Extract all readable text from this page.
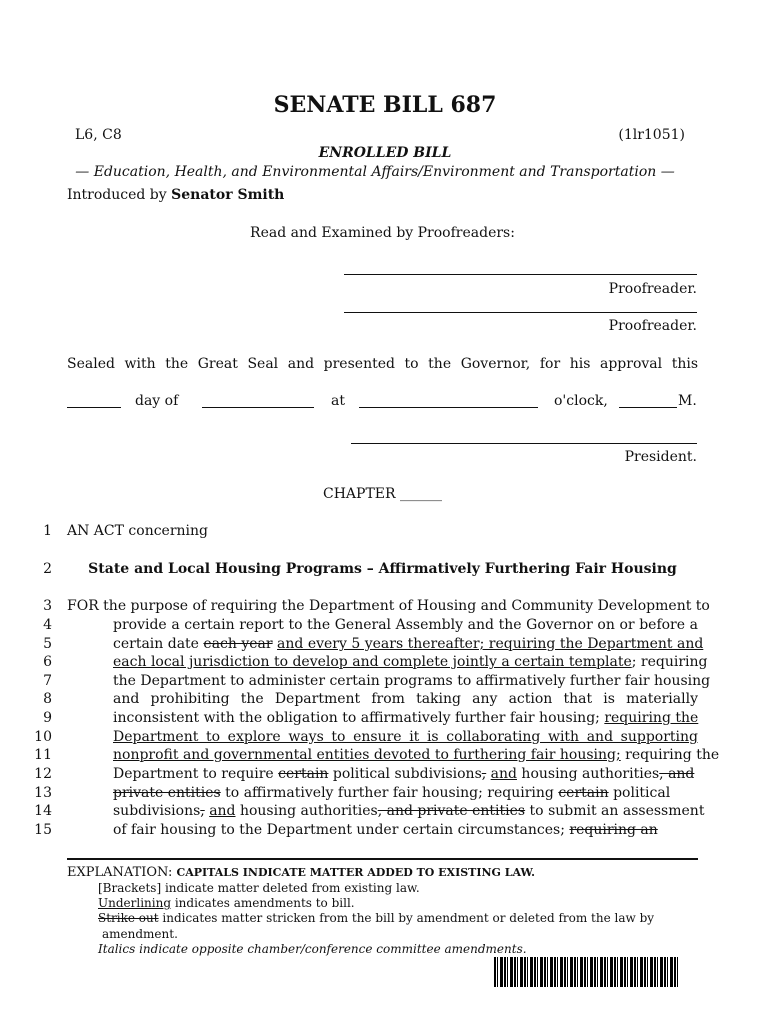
SENATE BILL 687
L6, C8	(1lr1051)
ENROLLED BILL
— Education, Health, and Environmental Affairs/Environment and Transportation —
Introduced by Senator Smith
Read and Examined by Proofreaders:
Proofreader.
Proofreader.
Sealed with the Great Seal and presented to the Governor, for his approval this
day of	at	o'clock,	M.
President.
CHAPTER ______
1
2
3
4
5
6
7
8
9
10
11
12
13
14
15
AN ACT concerning
State and Local Housing Programs – Affirmatively Furthering Fair Housing
FOR the purpose of requiring the Department of Housing and Community Development to
provide a certain report to the General Assembly and the Governor on or before a
certain date each year and every 5 years thereafter; requiring the Department and
each local jurisdiction to develop and complete jointly a certain template; requiring
the Department to administer certain programs to affirmatively further fair housing
and prohibiting the Department from taking any action that is materially
inconsistent with the obligation to affirmatively further fair housing; requiring the
Department to explore ways to ensure it is collaborating with and supporting
nonprofit and governmental entities devoted to furthering fair housing; requiring the
Department to require certain political subdivisions, and housing authorities, and
private entities to affirmatively further fair housing; requiring certain political
subdivisions, and housing authorities, and private entities to submit an assessment
of fair housing to the Department under certain circumstances; requiring an
EXPLANATION: CAPITALS INDICATE MATTER ADDED TO EXISTING LAW.
[Brackets] indicate matter deleted from existing law.
Underlining indicates amendments to bill.
Strike out indicates matter stricken from the bill by amendment or deleted from the law by
amendment.
Italics indicate opposite chamber/conference committee amendments.
